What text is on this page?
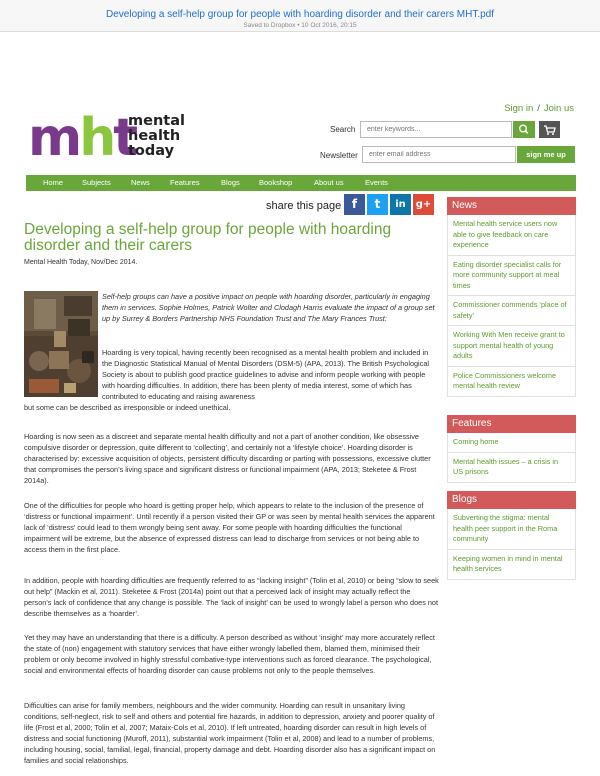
Developing a self-help group for people with hoarding disorder and their carers MHT.pdf
Saved to Dropbox • 10 Oct 2016, 20:15
Sign in / Join us
mht
mental
health
today
Search
enter keywords...
Newsletter
enter email address	sign me up
Home	Subjects	News	Features	Blogs	Bookshop	About us	Events
share this page f	t	in g+
Developing a self-help group for people with hoarding disorder and their carers
Mental Health Today, Nov/Dec 2014.
Self-help groups can have a positive impact on people with hoarding disorder, particularly in engaging them in services. Sophie Holmes, Patrick Wolter and Clodagh Harris evaluate the impact of a group set up by Surrey & Borders Partnership NHS Foundation Trust and The Mary Frances Trust:
Hoarding is very topical, having recently been recognised as a mental health problem and included in the Diagnostic Statistical Manual of Mental Disorders (DSM-5) (APA, 2013). The British Psychological Society is about to publish good practice guidelines to advise and inform people working with people with hoarding difficulties. In addition, there has been plenty of media interest, some of which has contributed to educating and raising awareness
but some can be described as irresponsible or indeed unethical.
Hoarding is now seen as a discreet and separate mental health difficulty and not a part of another condition, like obsessive compulsive disorder or depression, quite different to ‘collecting’, and certainly not a ‘lifestyle choice’. Hoarding disorder is characterised by: excessive acquisition of objects, persistent difficulty discarding or parting with possessions, excessive clutter that compromises the person’s living space and significant distress or functional impairment (APA, 2013; Steketee & Frost 2014a).
One of the difficulties for people who hoard is getting proper help, which appears to relate to the inclusion of the presence of ‘distress or functional impairment’. Until recently if a person visited their GP or was seen by mental health services the apparent lack of ‘distress’ could lead to them wrongly being sent away. For some people with hoarding difficulties the functional impairment will be extreme, but the absence of expressed distress can lead to discharge from services or not being able to access them in the first place.
In addition, people with hoarding difficulties are frequently referred to as “lacking insight” (Tolin et al, 2010) or being “slow to seek out help” (Mackin et al, 2011). Steketee & Frost (2014a) point out that a perceived lack of insight may actually reflect the person’s lack of confidence that any change is possible. The ‘lack of insight’ can be used to wrongly label a person who does not describe themselves as a ‘hoarder’.
Yet they may have an understanding that there is a difficulty. A person described as without ‘insight’ may more accurately reflect the state of (non) engagement with statutory services that have either wrongly labelled them, blamed them, minimised their problem or only become involved in highly stressful combative-type interventions such as forced clearance. The psychological, social and environmental effects of hoarding disorder can cause problems not only to the people themselves.
Difficulties can arise for family members, neighbours and the wider community. Hoarding can result in unsanitary living conditions, self-neglect, risk to self and others and potential fire hazards, in addition to depression, anxiety and poorer quality of life (Frost et al, 2000; Tolin et al, 2007; Mataix-Cols et al, 2010). If left untreated, hoarding disorder can result in high levels of distress and social functioning (Muroff, 2011), substantial work impairment (Tolin et al, 2008) and lead to a number of problems, including housing, social, familial, legal, financial, property damage and debt. Hoarding disorder also has a significant impact on families and social relationships.
News
Mental health service users now able to give feedback on care experience
Eating disorder specialist calls for more community support at meal times
Commissioner commends ‘place of safety’
Working With Men receive grant to support mental health of young adults
Police Commissioners welcome mental health review
Features
Coming home
Mental health issues – a crisis in US prisons
Blogs
Subverting the stigma: mental health peer support in the Roma community
Keeping women in mind in mental health services
